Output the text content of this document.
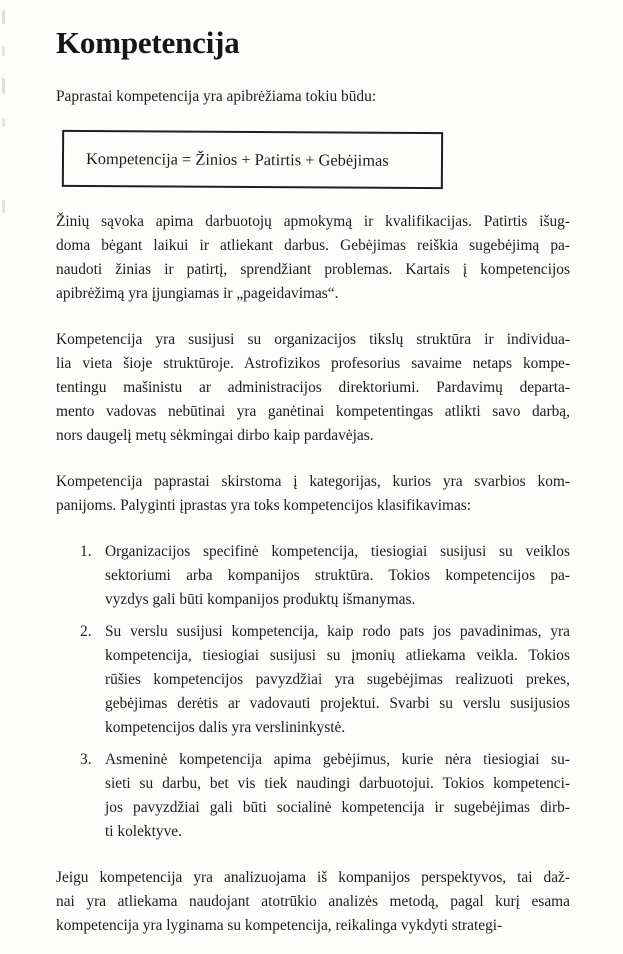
Kompetencija
Paprastai kompetencija yra apibrėžiama tokiu būdu:
Kompetencija = Žinios + Patirtis + Gebėjimas
Žinių sąvoka apima darbuotojų apmokymą ir kvalifikacijas. Patirtis išug-
doma bėgant laikui ir atliekant darbus. Gebėjimas reiškia sugebėjimą pa-
naudoti žinias ir patirtį, sprendžiant problemas. Kartais į kompetencijos
apibrėžimą yra įjungiamas ir „pageidavimas“.
Kompetencija yra susijusi su organizacijos tikslų struktūra ir individua-
lia vieta šioje struktūroje. Astrofizikos profesorius savaime netaps kompe-
tentingu mašinistu ar administracijos direktoriumi. Pardavimų departa-
mento vadovas nebūtinai yra ganėtinai kompetentingas atlikti savo darbą,
nors daugelį metų sėkmingai dirbo kaip pardavėjas.
Kompetencija paprastai skirstoma į kategorijas, kurios yra svarbios kom-
panijoms. Palyginti įprastas yra toks kompetencijos klasifikavimas:
1. Organizacijos specifinė kompetencija, tiesiogiai susijusi su veiklos
sektoriumi arba kompanijos struktūra. Tokios kompetencijos pa-
vyzdys gali būti kompanijos produktų išmanymas.
2. Su verslu susijusi kompetencija, kaip rodo pats jos pavadinimas, yra
kompetencija, tiesiogiai susijusi su įmonių atliekama veikla. Tokios
rūšies kompetencijos pavyzdžiai yra sugebėjimas realizuoti prekes,
gebėjimas derėtis ar vadovauti projektui. Svarbi su verslu susijusios
kompetencijos dalis yra verslininkystė.
3. Asmeninė kompetencija apima gebėjimus, kurie nėra tiesiogiai su-
sieti su darbu, bet vis tiek naudingi darbuotojui. Tokios kompetenci-
jos pavyzdžiai gali būti socialinė kompetencija ir sugebėjimas dirb-
ti kolektyve.
Jeigu kompetencija yra analizuojama iš kompanijos perspektyvos, tai daž-
nai yra atliekama naudojant atotrūkio analizės metodą, pagal kurį esama
kompetencija yra lyginama su kompetencija, reikalinga vykdyti strategi-
